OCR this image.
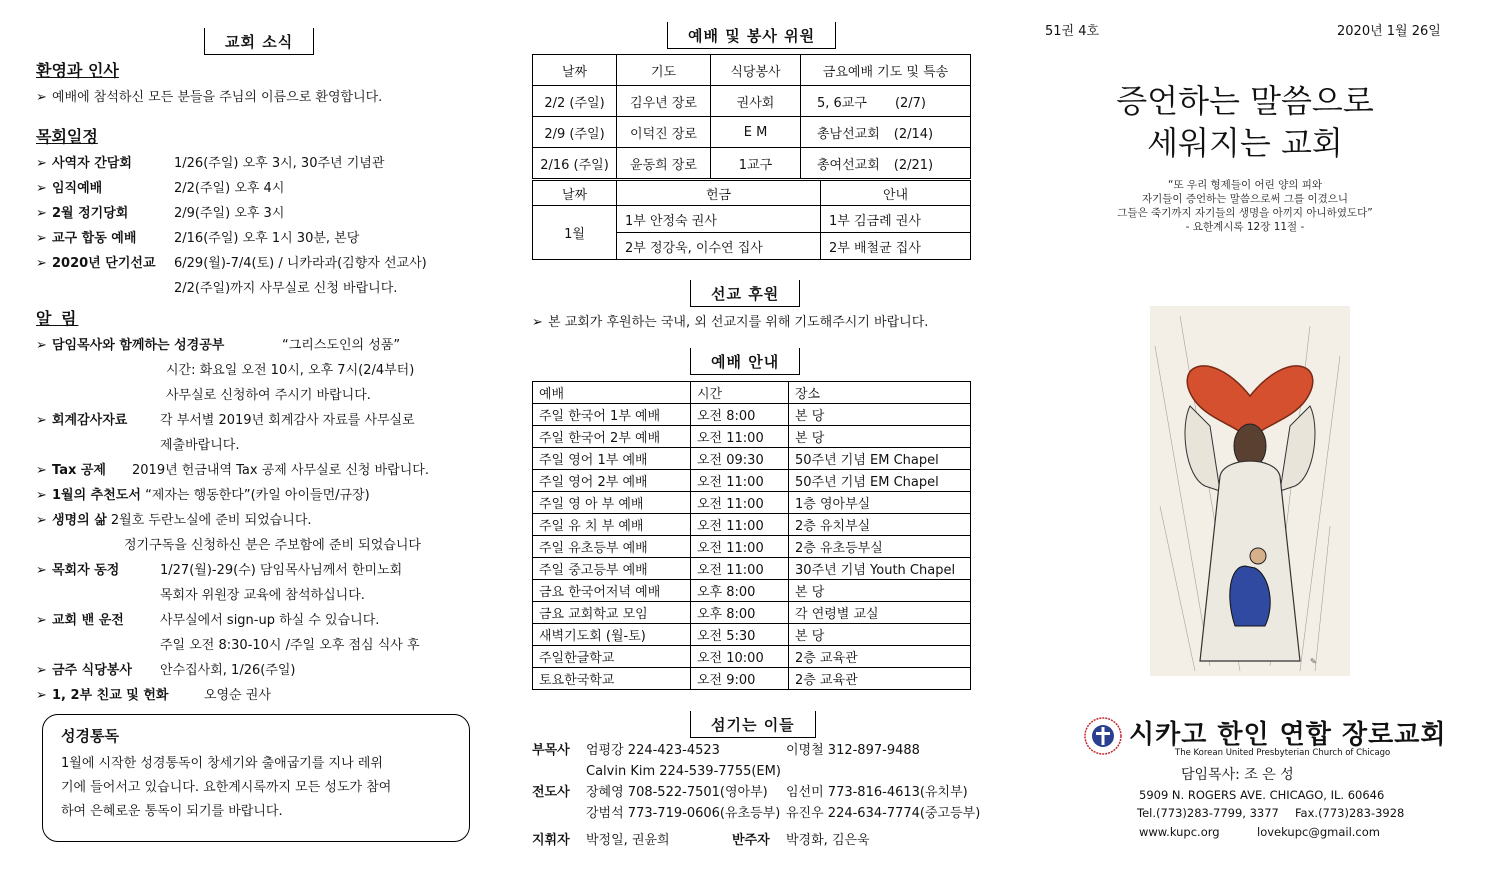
교회 소식
환영과 인사
➢ 예배에 참석하신 모든 분들을 주님의 이름으로 환영합니다.
목회일정
➢ 사역자 간담회	1/26(주일) 오후 3시, 30주년 기념관
➢ 임직예배	2/2(주일) 오후 4시
➢ 2월 정기당회	2/9(주일) 오후 3시
➢ 교구 합동 예배	2/16(주일) 오후 1시 30분, 본당
➢ 2020년 단기선교 6/29(월)-7/4(토) / 니카라과(김향자 선교사)
2/2(주일)까지 사무실로 신청 바랍니다.
알 림
➢ 담임목사와 함께하는 성경공부	“그리스도인의 성품”
시간: 화요일 오전 10시, 오후 7시(2/4부터)
사무실로 신청하여 주시기 바랍니다.
➢ 회계감사자료	각 부서별 2019년 회계감사 자료를 사무실로
제출바랍니다.
➢ Tax 공제 2019년 헌금내역 Tax 공제 사무실로 신청 바랍니다.
➢ 1월의 추천도서 “제자는 행동한다”(카일 아이들먼/규장)
➢ 생명의 삶 2월호 두란노실에 준비 되었습니다.
정기구독을 신청하신 분은 주보함에 준비 되었습니다
➢ 목회자 동정	1/27(월)-29(수) 담임목사님께서 한미노회
목회자 위원장 교육에 참석하십니다.
➢ 교회 밴 운전	사무실에서 sign-up 하실 수 있습니다.
주일 오전 8:30-10시 /주일 오후 점심 식사 후
➢ 금주 식당봉사 안수집사회, 1/26(주일)
➢ 1, 2부 친교 및 헌화	오영순 권사
성경통독
1월에 시작한 성경통독이 창세기와 출애굽기를 지나 레위
기에 들어서고 있습니다. 요한계시록까지 모든 성도가 참여
하여 은혜로운 통독이 되기를 바랍니다.
예배 및 봉사 위원
날짜	기도	식당봉사	금요예배 기도 및 특송
2/2 (주일)	김우년 장로	권사회	5, 6교구 (2/7)
2/9 (주일)	이덕진 장로	E M	총남선교회 (2/14)
2/16 (주일)	윤동희 장로	1교구	총여선교회 (2/21)
날짜	헌금	안내
1월	1부 안정숙 권사	1부 김금례 권사
	2부 정강욱, 이수연 집사	2부 배철균 집사
선교 후원
➢ 본 교회가 후원하는 국내, 외 선교지를 위해 기도해주시기 바랍니다.
예배 안내
예배	시간	장소
주일 한국어 1부 예배	오전 8:00	본 당
주일 한국어 2부 예배	오전 11:00	본 당
주일 영어 1부 예배	오전 09:30	50주년 기념 EM Chapel
주일 영어 2부 예배	오전 11:00	50주년 기념 EM Chapel
주일 영 아 부 예배	오전 11:00	1층 영아부실
주일 유 치 부 예배	오전 11:00	2층 유치부실
주일 유초등부 예배	오전 11:00	2층 유초등부실
주일 중고등부 예배	오전 11:00	30주년 기념 Youth Chapel
금요 한국어저녁 예배	오후 8:00	본 당
금요 교회학교 모임	오후 8:00	각 연령별 교실
새벽기도회 (월-토)	오전 5:30	본 당
주일한글학교	오전 10:00	2층 교육관
토요한국학교	오전 9:00	2층 교육관
섬기는 이들
부목사 엄평강 224-423-4523	이명철 312-897-9488
Calvin Kim 224-539-7755(EM)
전도사 장혜영 708-522-7501(영아부) 임선미 773-816-4613(유치부)
강범석 773-719-0606(유초등부) 유진우 224-634-7774(중고등부)
지휘자 박정일, 권윤희	반주자 박경화, 김은욱
51권 4호	2020년 1월 26일
증언하는 말씀으로
세워지는 교회
“또 우리 형제들이 어린 양의 피와
자기들이 증언하는 말씀으로써 그를 이겼으니
그들은 죽기까지 자기들의 생명을 아끼지 아니하였도다”
- 요한계시록 12장 11절 -
✎
시카고 한인 연합 장로교회
The Korean United Presbyterian Church of Chicago
담임목사: 조 은 성
5909 N. ROGERS AVE. CHICAGO, IL. 60646
Tel.(773)283-7799, 3377 Fax.(773)283-3928
www.kupc.org	lovekupc@gmail.com
